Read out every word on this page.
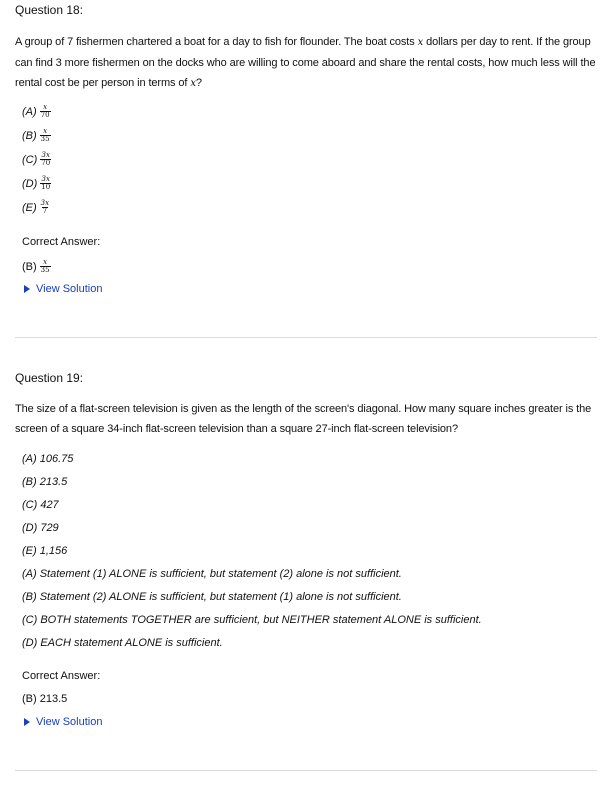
Question 18:
A group of 7 fishermen chartered a boat for a day to fish for flounder. The boat costs x dollars per day to rent. If the group can find 3 more fishermen on the docks who are willing to come aboard and share the rental costs, how much less will the rental cost be per person in terms of x?
$(A) \frac{x}{70}$
$(B) \frac{x}{35}$
$(C) \frac{3x}{70}$
$(D) \frac{3x}{10}$
$(E) \frac{3x}{7}$
Correct Answer:
$(B) \frac{x}{35}$
View Solution
Question 19:
The size of a flat-screen television is given as the length of the screen's diagonal. How many square inches greater is the screen of a square 34-inch flat-screen television than a square 27-inch flat-screen television?
(A) 106.75
(B) 213.5
(C) 427
(D) 729
(E) 1,156
(A) Statement (1) ALONE is sufficient, but statement (2) alone is not sufficient.
(B) Statement (2) ALONE is sufficient, but statement (1) alone is not sufficient.
(C) BOTH statements TOGETHER are sufficient, but NEITHER statement ALONE is sufficient.
(D) EACH statement ALONE is sufficient.
Correct Answer:
(B) 213.5
View Solution
